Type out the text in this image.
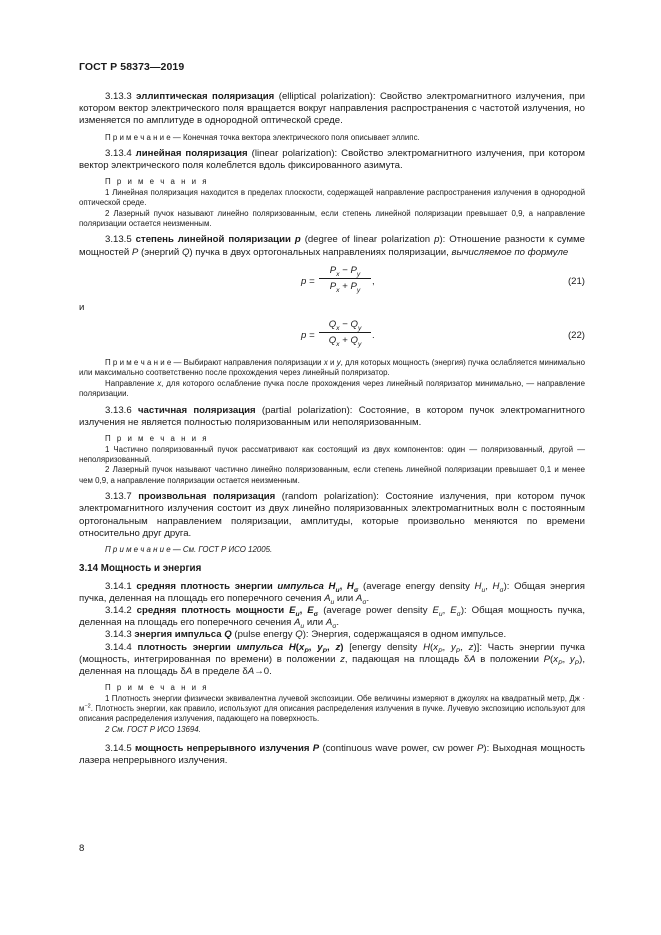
ГОСТ Р 58373—2019

3.13.3 эллиптическая поляризация (elliptical polarization): Свойство электромагнитного излучения, при котором вектор электрического поля вращается вокруг направления распространения с частотой излучения, но изменяется по амплитуде в однородной оптической среде.

П р и м е ч а н и е — Конечная точка вектора электрического поля описывает эллипс.

3.13.4 линейная поляризация (linear polarization): Свойство электромагнитного излучения, при котором вектор электрического поля колеблется вдоль фиксированного азимута.

П р и м е ч а н и я

1 Линейная поляризация находится в пределах плоскости, содержащей направление распространения излучения в однородной оптической среде.

2 Лазерный пучок называют линейно поляризованным, если степень линейной поляризации превышает 0,9, а направление поляризации остается неизменным.

3.13.5 степень линейной поляризации p (degree of linear polarization p): Отношение разности к сумме мощностей P (энергий Q) пучка в двух ортогональных направлениях поляризации, вычисляемое по формуле

$p = \frac{P_x - P_y}{P_x + P_y}$ ,	(21)

и

$p = \frac{Q_x - Q_y}{Q_x + Q_y}$ .	(22)

П р и м е ч а н и е — Выбирают направления поляризации x и y, для которых мощность (энергия) пучка ослабляется минимально или максимально соответственно после прохождения через линейный поляризатор.

Направление x, для которого ослабление пучка после прохождения через линейный поляризатор минимально, — направление поляризации.

3.13.6 частичная поляризация (partial polarization): Состояние, в котором пучок электромагнитного излучения не является полностью поляризованным или неполяризованным.

П р и м е ч а н и я

1 Частично поляризованный пучок рассматривают как состоящий из двух компонентов: один — поляризованный, другой — неполяризованный.

2 Лазерный пучок называют частично линейно поляризованным, если степень линейной поляризации превышает 0,1 и менее чем 0,9, а направление поляризации остается неизменным.

3.13.7 произвольная поляризация (random polarization): Состояние излучения, при котором пучок электромагнитного излучения состоит из двух линейно поляризованных электромагнитных волн с постоянным ортогональным направлением поляризации, амплитуды, которые произвольно меняются по времени относительно друг друга.

П р и м е ч а н и е — См. ГОСТ Р ИСО 12005.

3.14 Мощность и энергия

3.14.1 средняя плотность энергии импульса $H_u$, $H_\sigma$ (average energy density $H_u$, $H_\sigma$): Общая энергия пучка, деленная на площадь его поперечного сечения $A_u$ или $A_\sigma$.

3.14.2 средняя плотность мощности $E_u$, $E_\sigma$ (average power density $E_u$, $E_\sigma$): Общая мощность пучка, деленная на площадь его поперечного сечения $A_u$ или $A_\sigma$.

3.14.3 энергия импульса Q (pulse energy Q): Энергия, содержащаяся в одном импульсе.

3.14.4 плотность энергии импульса $H(x_P$, $y_P$, z) [energy density $H(x_P$, $y_P$, z)]: Часть энергии пучка (мощность, интегрированная по времени) в положении z, падающая на площадь δA в положении $P(x_P$, $y_P$), деленная на площадь δA в пределе δA→0.

П р и м е ч а н и я

1 Плотность энергии физически эквивалентна лучевой экспозиции. Обе величины измеряют в джоулях на квадратный метр, Дж · $м^{-2}$. Плотность энергии, как правило, используют для описания распределения излучения в пучке. Лучевую экспозицию используют для описания распределения излучения, падающего на поверхность.

2 См. ГОСТ Р ИСО 13694.

3.14.5 мощность непрерывного излучения P (continuous wave power, cw power P): Выходная мощность лазера непрерывного излучения.

8
